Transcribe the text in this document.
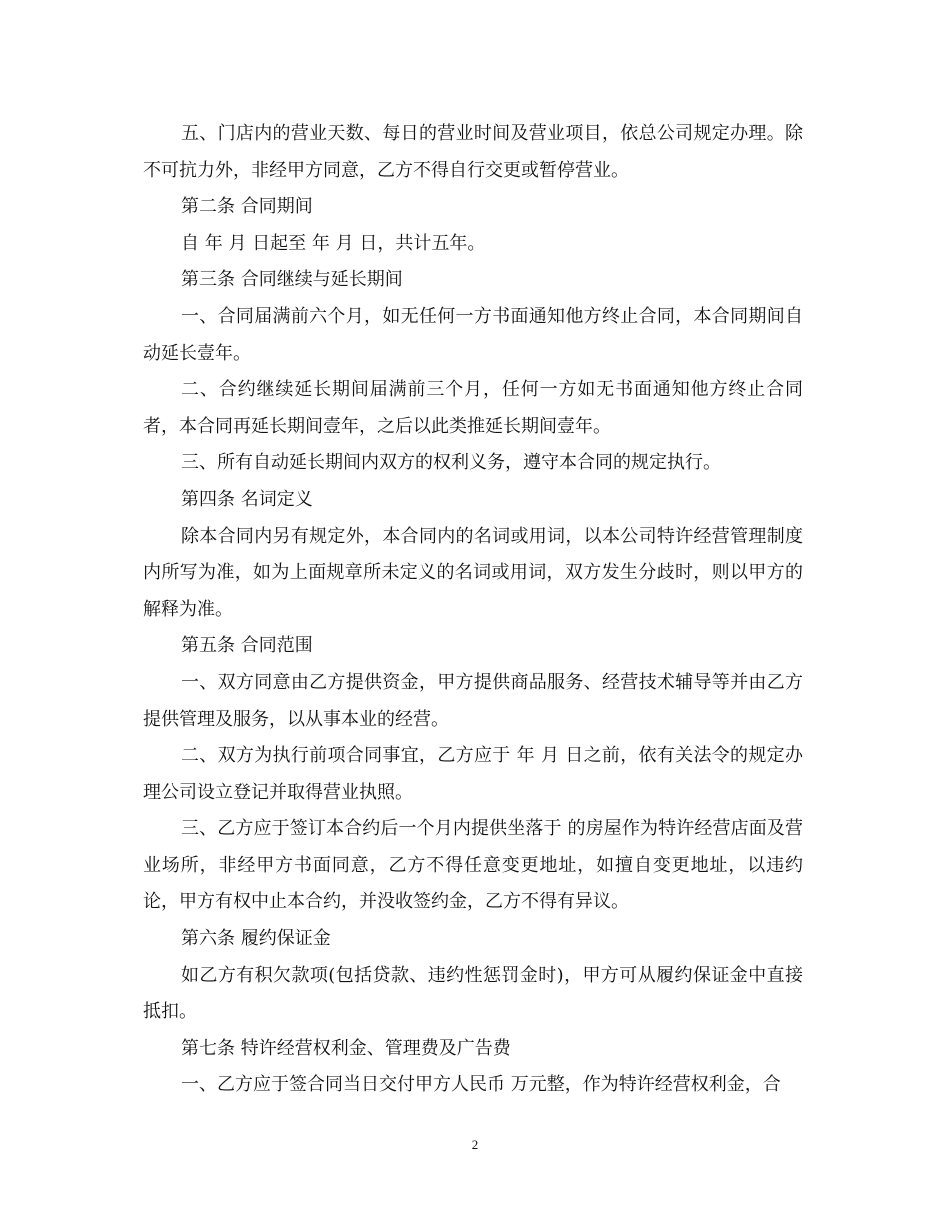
五、门店内的营业天数、每日的营业时间及营业项目，依总公司规定办理。除不可抗力外，非经甲方同意，乙方不得自行交更或暂停营业。

第二条 合同期间

自 年 月 日起至 年 月 日，共计五年。

第三条 合同继续与延长期间

一、合同届满前六个月，如无任何一方书面通知他方终止合同，本合同期间自动延长壹年。

二、合约继续延长期间届满前三个月，任何一方如无书面通知他方终止合同者，本合同再延长期间壹年，之后以此类推延长期间壹年。

三、所有自动延长期间内双方的权利义务，遵守本合同的规定执行。

第四条 名词定义

除本合同内另有规定外，本合同内的名词或用词，以本公司特许经营管理制度内所写为准，如为上面规章所未定义的名词或用词，双方发生分歧时，则以甲方的解释为准。

第五条 合同范围

一、双方同意由乙方提供资金，甲方提供商品服务、经营技术辅导等并由乙方提供管理及服务，以从事本业的经营。

二、双方为执行前项合同事宜，乙方应于 年 月 日之前，依有关法令的规定办理公司设立登记并取得营业执照。

三、乙方应于签订本合约后一个月内提供坐落于 的房屋作为特许经营店面及营业场所，非经甲方书面同意，乙方不得任意变更地址，如擅自变更地址，以违约论，甲方有权中止本合约，并没收签约金，乙方不得有异议。

第六条 履约保证金

如乙方有积欠款项(包括贷款、违约性惩罚金时)，甲方可从履约保证金中直接抵扣。

第七条 特许经营权利金、管理费及广告费

一、乙方应于签合同当日交付甲方人民币 万元整，作为特许经营权利金，合

2
